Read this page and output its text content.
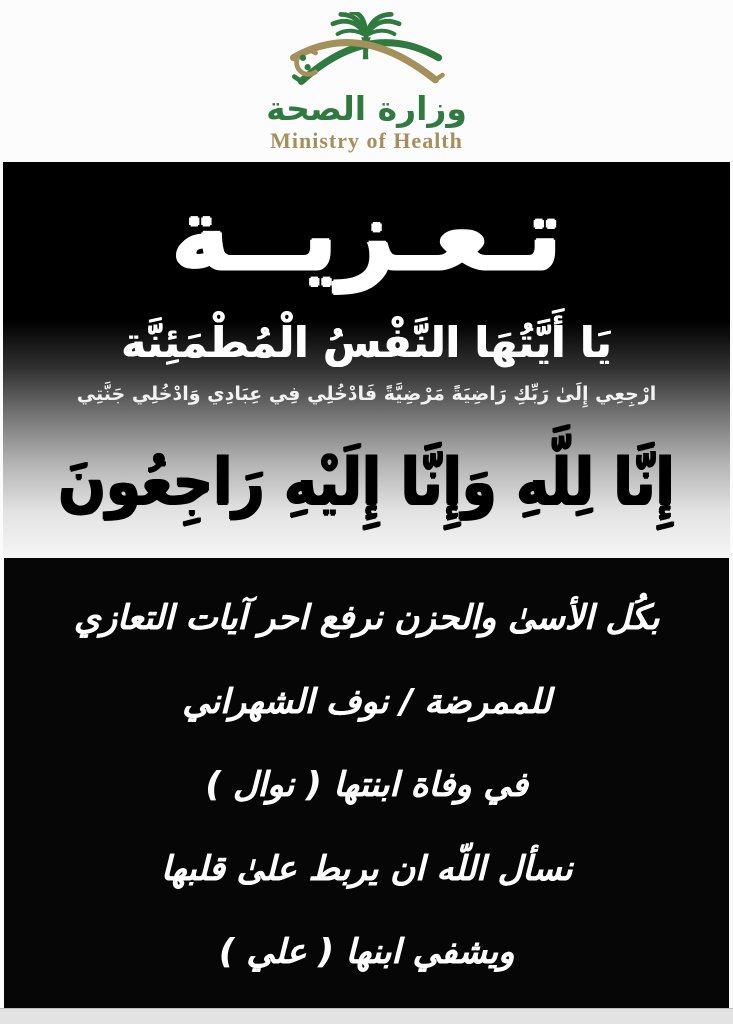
وزارة الصحة
Ministry of Health
تـعـزيــة
يَا أَيَّتُهَا النَّفْسُ الْمُطْمَئِنَّة
ارْجِعِي إِلَىٰ رَبِّكِ رَاضِيَةً مَرْضِيَّةً فَادْخُلِي فِي عِبَادِي وَادْخُلِي جَنَّتِي
إِنَّا لِلَّهِ وَإِنَّا إِلَيْهِ رَاجِعُونَ
بكُل الأسىٰ والحزن نرفع احر آيات التعازي
للممرضة / نوف الشهراني
في وفاة ابنتها ( نوال )
نسأل اللّه ان يربط علىٰ قلبها
ويشفي ابنها ( علي )
